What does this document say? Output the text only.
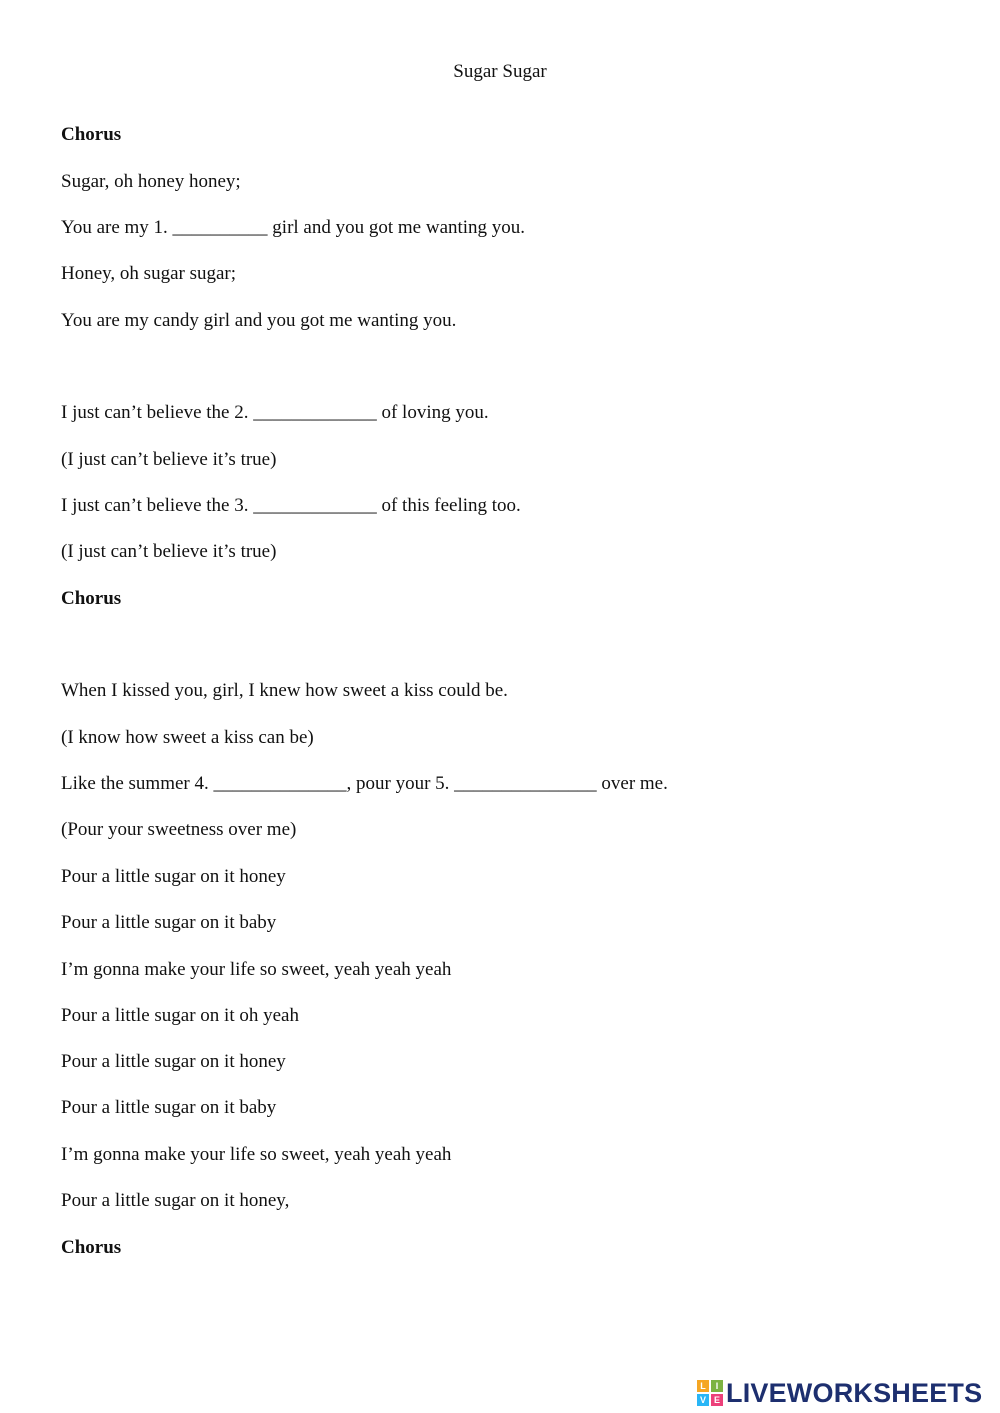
Sugar Sugar
Chorus
Sugar, oh honey honey;
You are my 1. __________ girl and you got me wanting you.
Honey, oh sugar sugar;
You are my candy girl and you got me wanting you.
I just can’t believe the 2. _____________ of loving you.
(I just can’t believe it’s true)
I just can’t believe the 3. _____________ of this feeling too.
(I just can’t believe it’s true)
Chorus
When I kissed you, girl, I knew how sweet a kiss could be.
(I know how sweet a kiss can be)
Like the summer 4. ______________, pour your 5. _______________ over me.
(Pour your sweetness over me)
Pour a little sugar on it honey
Pour a little sugar on it baby
I’m gonna make your life so sweet, yeah yeah yeah
Pour a little sugar on it oh yeah
Pour a little sugar on it honey
Pour a little sugar on it baby
I’m gonna make your life so sweet, yeah yeah yeah
Pour a little sugar on it honey,
Chorus
L	I
V E LIVEWORKSHEETS
